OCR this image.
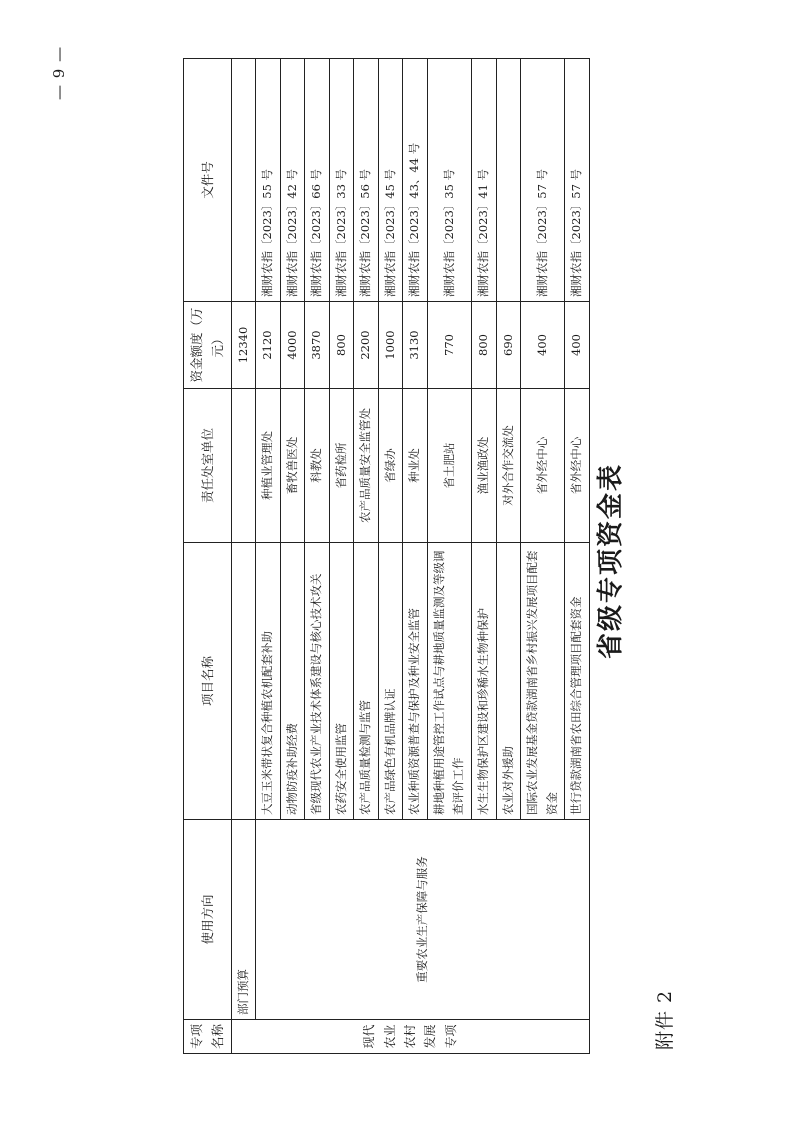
附件 2
省级专项资金表
— 9 —
专项名称	使用方向	项目名称	责任处室单位	资金额度（万元）	文件号
现代农业农村发展专项	部门预算			12340	
	重要农业生产保障与服务	大豆玉米带状复合种植农机配套补助	种植业管理处	2120	湘财农指〔2023〕55 号
		动物防疫补助经费	畜牧兽医处	4000	湘财农指〔2023〕42 号
		省级现代农业产业技术体系建设与核心技术攻关	科教处	3870	湘财农指〔2023〕66 号
		农药安全使用监管	省药检所	800	湘财农指〔2023〕33 号
		农产品质量检测与监管	农产品质量安全监管处	2200	湘财农指〔2023〕56 号
		农产品绿色有机品牌认证	省绿办	1000	湘财农指〔2023〕45 号
		农业种质资源普查与保护及种业安全监管	种业处	3130	湘财农指〔2023〕43、44 号
		耕地种植用途管控工作试点与耕地质量监测及等级调查评价工作	省土肥站	770	湘财农指〔2023〕35 号
		水生生物保护区建设和珍稀水生物种保护	渔业渔政处	800	湘财农指〔2023〕41 号
		农业对外援助	对外合作交流处	690	
		国际农业发展基金贷款湖南省乡村振兴发展项目配套资金	省外经中心	400	湘财农指〔2023〕57 号
		世行贷款湖南省农田综合管理项目配套资金	省外经中心	400	湘财农指〔2023〕57 号
